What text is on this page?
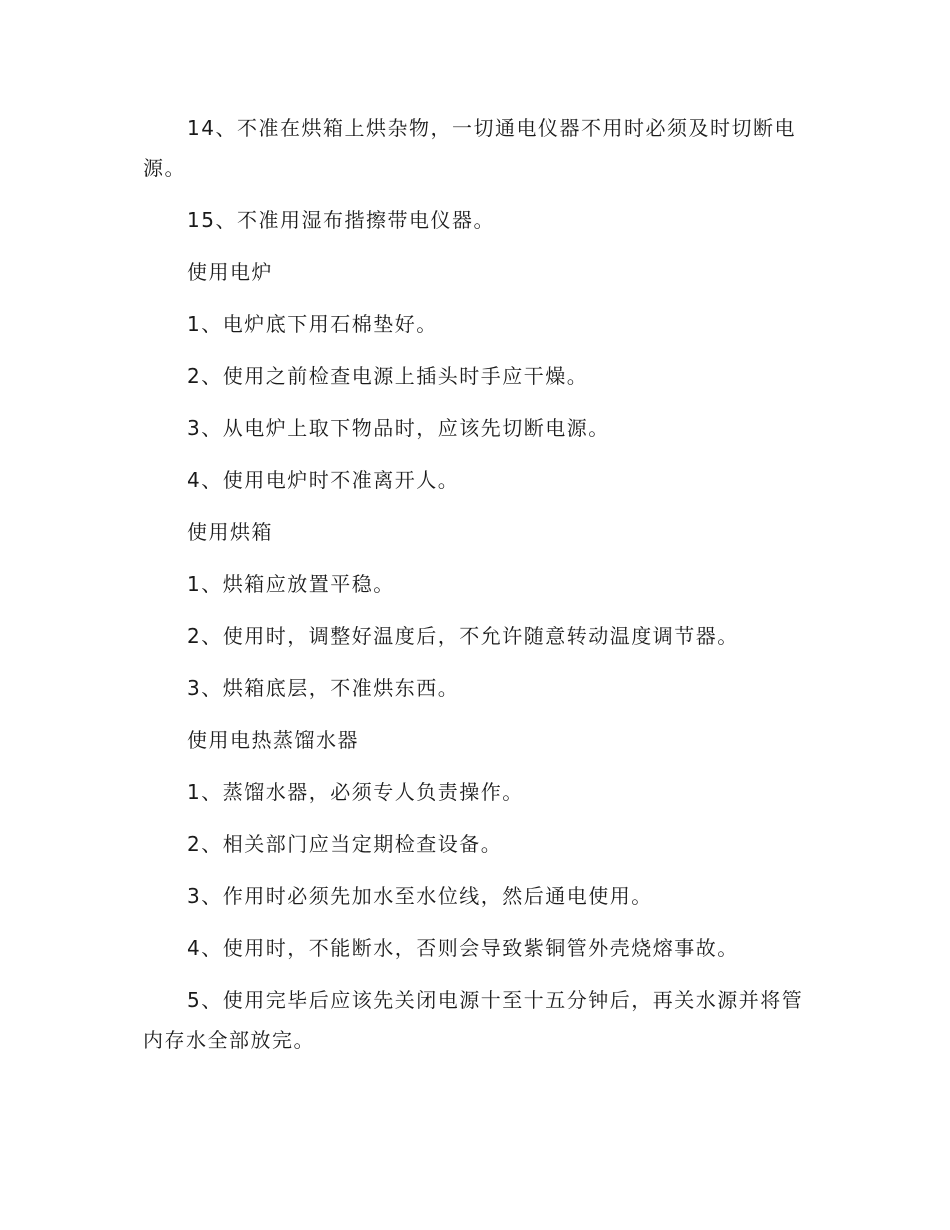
14、不准在烘箱上烘杂物，一切通电仪器不用时必须及时切断电源。

15、不准用湿布揩擦带电仪器。

使用电炉

1、电炉底下用石棉垫好。

2、使用之前检查电源上插头时手应干燥。

3、从电炉上取下物品时，应该先切断电源。

4、使用电炉时不准离开人。

使用烘箱

1、烘箱应放置平稳。

2、使用时，调整好温度后，不允许随意转动温度调节器。

3、烘箱底层，不准烘东西。

使用电热蒸馏水器

1、蒸馏水器，必须专人负责操作。

2、相关部门应当定期检查设备。

3、作用时必须先加水至水位线，然后通电使用。

4、使用时，不能断水，否则会导致紫铜管外壳烧熔事故。

5、使用完毕后应该先关闭电源十至十五分钟后，再关水源并将管内存水全部放完。
